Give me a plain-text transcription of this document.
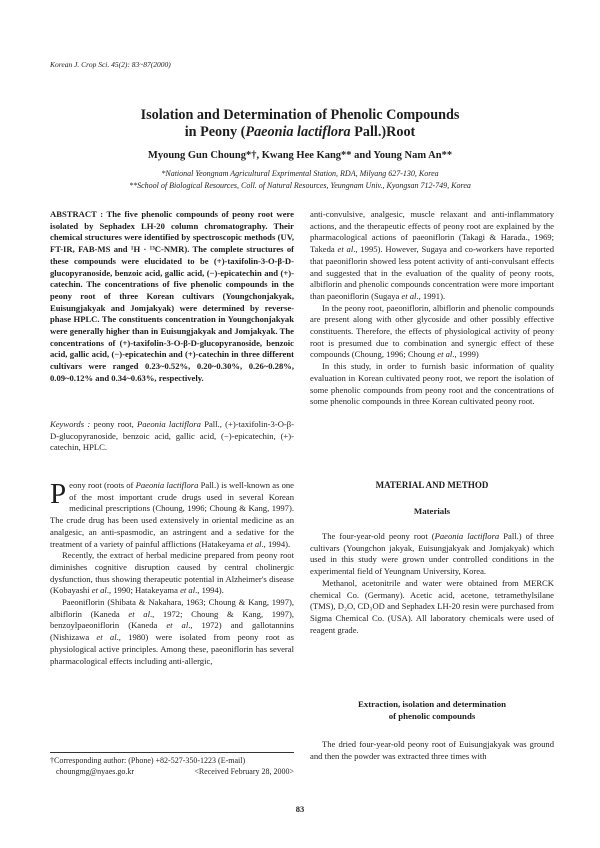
Korean J. Crop Sci. 45(2): 83~87(2000)
Isolation and Determination of Phenolic Compounds
in Peony (Paeonia lactiflora Pall.)Root
Myoung Gun Choung*†, Kwang Hee Kang** and Young Nam An**
*National Yeongnam Agricultural Exprimental Station, RDA, Milyang 627-130, Korea
**School of Biological Resources, Coll. of Natural Resources, Yeungnam Univ., Kyongsan 712-749, Korea

ABSTRACT : The five phenolic compounds of peony root were isolated by Sephadex LH-20 column chromatography. Their chemical structures were identified by spectroscopic methods (UV, FT-IR, FAB-MS and ¹H · ¹³C-NMR). The complete structures of these compounds were elucidated to be (+)-taxifolin-3-O-β-D-glucopyranoside, benzoic acid, gallic acid, (−)-epicatechin and (+)-catechin. The concentrations of five phenolic compounds in the peony root of three Korean cultivars (Youngchonjakyak, Euisungjakyak and Jomjakyak) were determined by reverse-phase HPLC. The constituents concentration in Youngchonjakyak were generally higher than in Euisungjakyak and Jomjakyak. The concentrations of (+)-taxifolin-3-O-β-D-glucopyranoside, benzoic acid, gallic acid, (−)-epicatechin and (+)-catechin in three different cultivars were ranged 0.23~0.52%, 0.20~0.30%, 0.26~0.28%, 0.09~0.12% and 0.34~0.63%, respectively.

Keywords : peony root, Paeonia lactiflora Pall., (+)-taxifolin-3-O-β-D-glucopyranoside, benzoic acid, gallic acid, (−)-epicatechin, (+)-catechin, HPLC.

Peony root (roots of Paeonia lactiflora Pall.) is well-known as one of the most important crude drugs used in several Korean medicinal prescriptions (Choung, 1996; Choung & Kang, 1997). The crude drug has been used extensively in oriental medicine as an analgesic, an anti-spasmodic, an astringent and a sedative for the treatment of a variety of painful afflictions (Hatakeyama et al., 1994).

Recently, the extract of herbal medicine prepared from peony root diminishes cognitive disruption caused by central cholinergic dysfunction, thus showing therapeutic potential in Alzheimer's disease (Kobayashi et al., 1990; Hatakeyama et al., 1994).

Paeoniflorin (Shibata & Nakahara, 1963; Choung & Kang, 1997), albiflorin (Kaneda et al., 1972; Choung & Kang, 1997), benzoylpaeoniflorin (Kaneda et al., 1972) and gallotannins (Nishizawa et al., 1980) were isolated from peony root as physiological active principles. Among these, paeoniflorin has several pharmacological effects including anti-allergic,

†Corresponding author: (Phone) +82-527-350-1223 (E-mail)
choungmg@nyaes.go.kr	<Received February 28, 2000>

anti-convulsive, analgesic, muscle relaxant and anti-inflammatory actions, and the therapeutic effects of peony root are explained by the pharmacological actions of paeoniflorin (Takagi & Harada., 1969; Takeda et al., 1995). However, Sugaya and co-workers have reported that paeoniflorin showed less potent activity of anti-convulsant effects and suggested that in the evaluation of the quality of peony roots, albiflorin and phenolic compounds concentration were more important than paeoniflorin (Sugaya et al., 1991).

In the peony root, paeoniflorin, albiflorin and phenolic compounds are present along with other glycoside and other possibly effective constituents. Therefore, the effects of physiological activity of peony root is presumed due to combination and synergic effect of these compounds (Choung, 1996; Choung et al., 1999)

In this study, in order to furnish basic information of quality evaluation in Korean cultivated peony root, we report the isolation of some phenolic compounds from peony root and the concentrations of some phenolic compounds in three Korean cultivated peony root.

MATERIAL AND METHOD
Materials

The four-year-old peony root (Paeonia lactiflora Pall.) of three cultivars (Youngchon jakyak, Euisungjakyak and Jomjakyak) which used in this study were grown under controlled conditions in the experimental field of Yeungnam University, Korea.

Methanol, acetonitrile and water were obtained from MERCK chemical Co. (Germany). Acetic acid, acetone, tetramethylsilane (TMS), D₂O, CD₃OD and Sephadex LH-20 resin were purchased from Sigma Chemical Co. (USA). All laboratory chemicals were used of reagent grade.

Extraction, isolation and determination
of phenolic compounds

The dried four-year-old peony root of Euisungjakyak was ground and then the powder was extracted three times with

83
